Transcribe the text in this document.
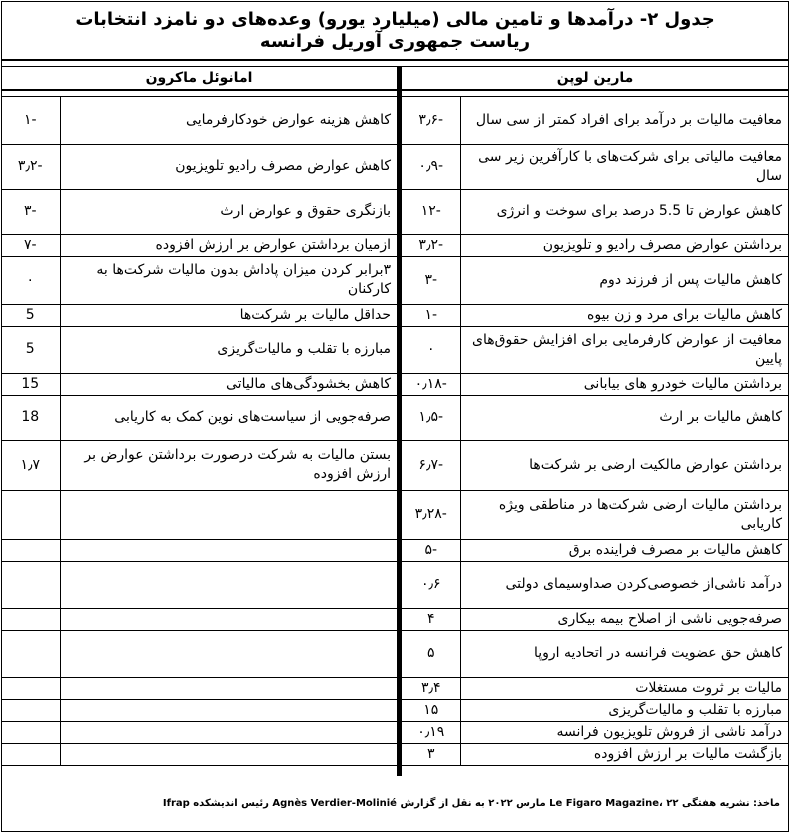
جدول ۲- درآمدها و تامین مالی (میلیارد یورو) وعده‌های دو نامزد انتخابات
ریاست جمهوری آوریل فرانسه
مارین لوپن
معافیت مالیات بر درآمد برای افراد کمتر از سی سال	-۳٫۶
معافیت مالیاتی برای شرکت‌های با کارآفرین زیر سی سال	-۰٫۹
کاهش عوارض تا 5.5 درصد برای سوخت و انرژی	-۱۲
برداشتن عوارض مصرف رادیو و تلویزیون	-۳٫۲
کاهش مالیات پس از فرزند دوم	-۳
کاهش مالیات برای مرد و زن بیوه	-۱
معافیت از عوارض کارفرمایی برای افزایش حقوق‌های پایین	۰
برداشتن مالیات خودرو های بیابانی	-۰٫۱۸
کاهش مالیات بر ارث	-۱٫۵
برداشتن عوارض مالکیت ارضی بر شرکت‌ها	-۶٫۷
برداشتن مالیات ارضی شرکت‌ها در مناطقی ویژه کاریابی	-۳٫۲۸
کاهش مالیات بر مصرف فراینده برق	-۵
درآمد ناشی‌از خصوصی‌کردن صداوسیمای دولتی	۰٫۶
صرفه‌جویی ناشی از اصلاح بیمه بیکاری	۴
کاهش حق عضویت فرانسه در اتحادیه اروپا	۵
مالیات بر ثروت مستغلات	۳٫۴
مبارزه با تقلب و مالیات‌گریزی	۱۵
درآمد ناشی از فروش تلویزیون فرانسه	۰٫۱۹
بازگشت مالیات بر ارزش افزوده	۳
امانوئل ماکرون
کاهش هزینه عوارض خودکارفرمایی	-۱
کاهش عوارض مصرف رادیو تلویزیون	-۳٫۲
بازنگری حقوق و عوارض ارث	-۳
ازمیان برداشتن عوارض بر ارزش افزوده	-۷
۳برابر کردن میزان پاداش بدون مالیات شرکت‌ها به کارکنان	۰
حداقل مالیات بر شرکت‌ها	5
مبارزه با تقلب و مالیات‌گریزی	5
کاهش بخشودگی‌های مالیاتی	15
صرفه‌جویی از سیاست‌های نوین کمک به کاریابی	18
بستن مالیات به شرکت درصورت برداشتن عوارض بر ارزش افزوده	۱٫۷

ماخذ: نشریه هفتگی Le Figaro Magazine، ۲۲ مارس ۲۰۲۲ به نقل از گزارش Agnès Verdier-Molinié رئیس اندیشکده Ifrap
